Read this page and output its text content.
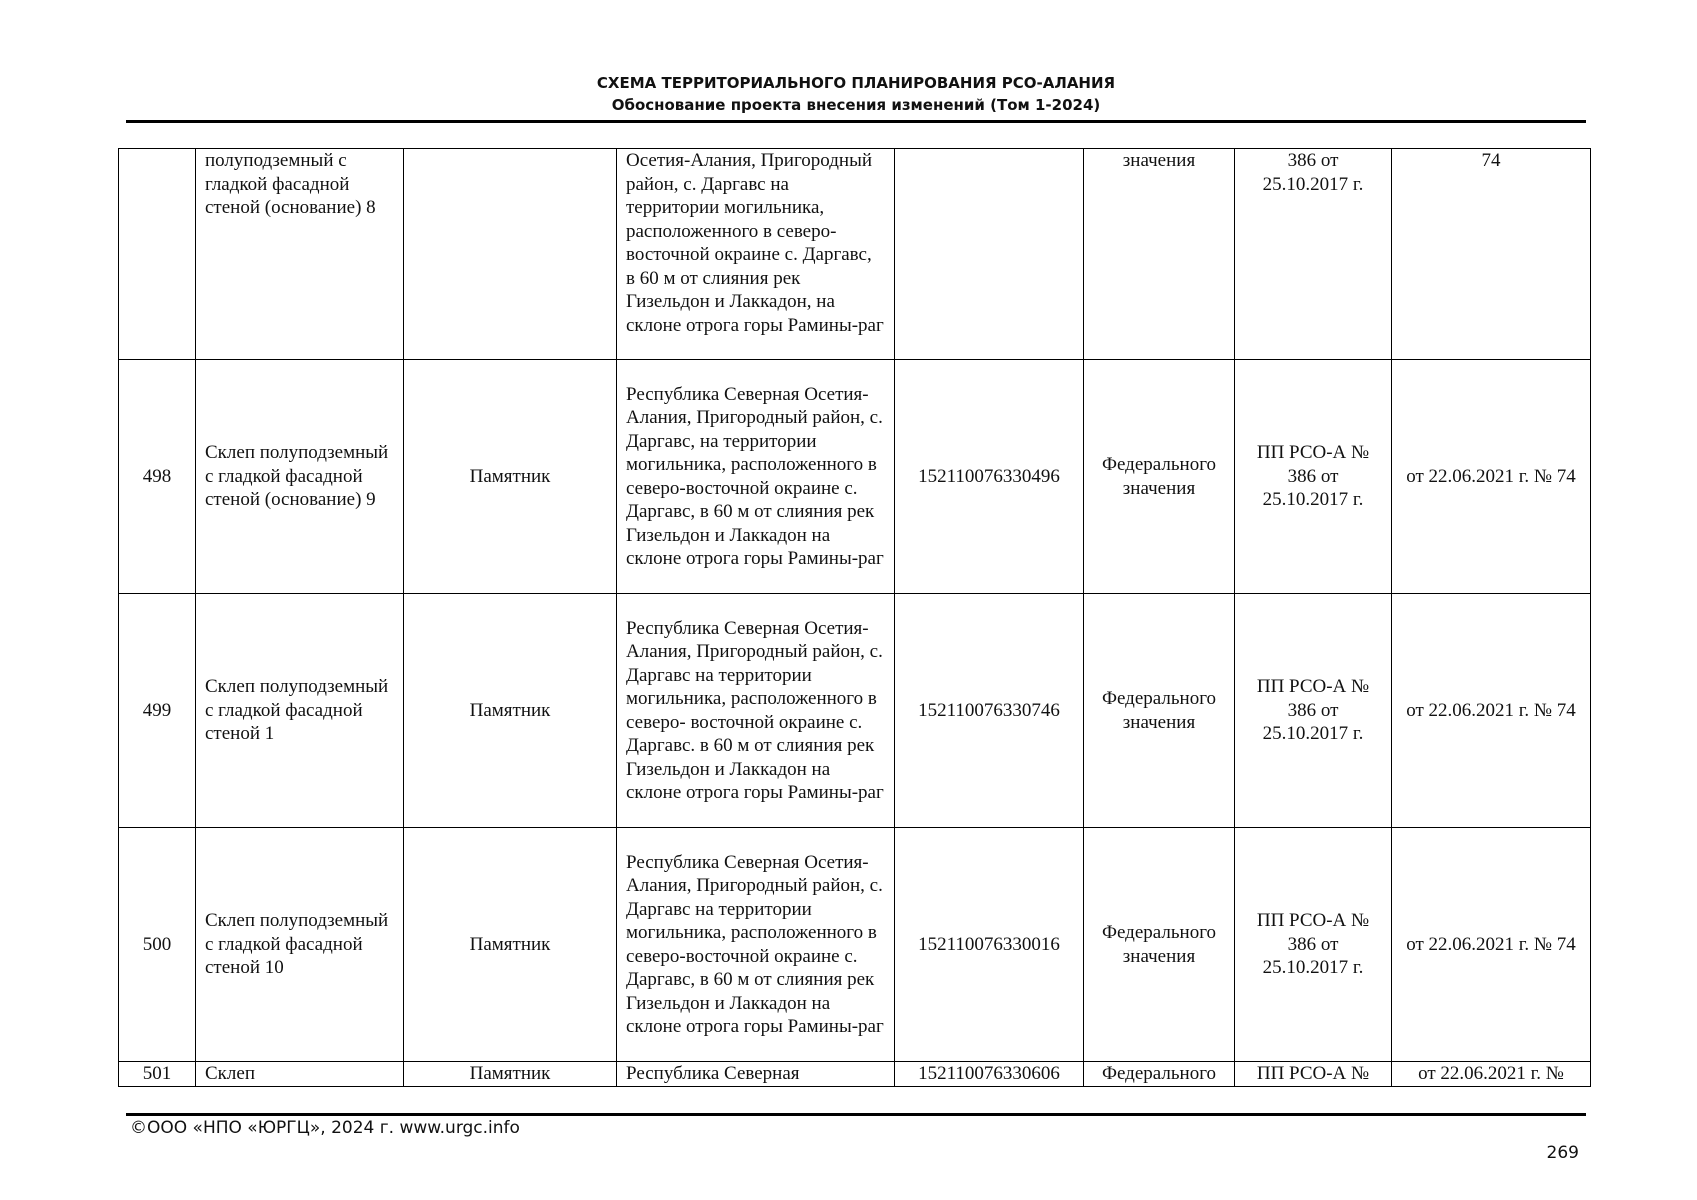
СХЕМА ТЕРРИТОРИАЛЬНОГО ПЛАНИРОВАНИЯ РСО-АЛАНИЯ
Обоснование проекта внесения изменений (Том 1-2024)
	полуподземный с гладкой фасадной стеной (основание) 8		Осетия-Алания, Пригородный район, с. Даргавс на территории могильника, расположенного в северо-восточной окраине с. Даргавс, в 60 м от слияния рек Гизельдон и Лаккадон, на склоне отрога горы Рамины-раг		значения	386 от 25.10.2017 г.	74
498	Склеп полуподземный с гладкой фасадной стеной (основание) 9	Памятник	Республика Северная Осетия-Алания, Пригородный район, с. Даргавс, на территории могильника, расположенного в северо-восточной окраине с. Даргавс, в 60 м от слияния рек Гизельдон и Лаккадон на склоне отрога горы Рамины-раг	152110076330496	Федерального значения	ПП РСО-А № 386 от 25.10.2017 г.	от 22.06.2021 г. № 74
499	Склеп полуподземный с гладкой фасадной стеной 1	Памятник	Республика Северная Осетия-Алания, Пригородный район, с. Даргавс на территории могильника, расположенного в северо- восточной окраине с. Даргавс. в 60 м от слияния рек Гизельдон и Лаккадон на склоне отрога горы Рамины-раг	152110076330746	Федерального значения	ПП РСО-А № 386 от 25.10.2017 г.	от 22.06.2021 г. № 74
500	Склеп полуподземный с гладкой фасадной стеной 10	Памятник	Республика Северная Осетия-Алания, Пригородный район, с. Даргавс на территории могильника, расположенного в северо-восточной окраине с. Даргавс, в 60 м от слияния рек Гизельдон и Лаккадон на склоне отрога горы Рамины-раг	152110076330016	Федерального значения	ПП РСО-А № 386 от 25.10.2017 г.	от 22.06.2021 г. № 74
501	Склеп	Памятник	Республика Северная	152110076330606	Федерального	ПП РСО-А №	от 22.06.2021 г. №
©ООО «НПО «ЮРГЦ», 2024 г. www.urgc.info
269
